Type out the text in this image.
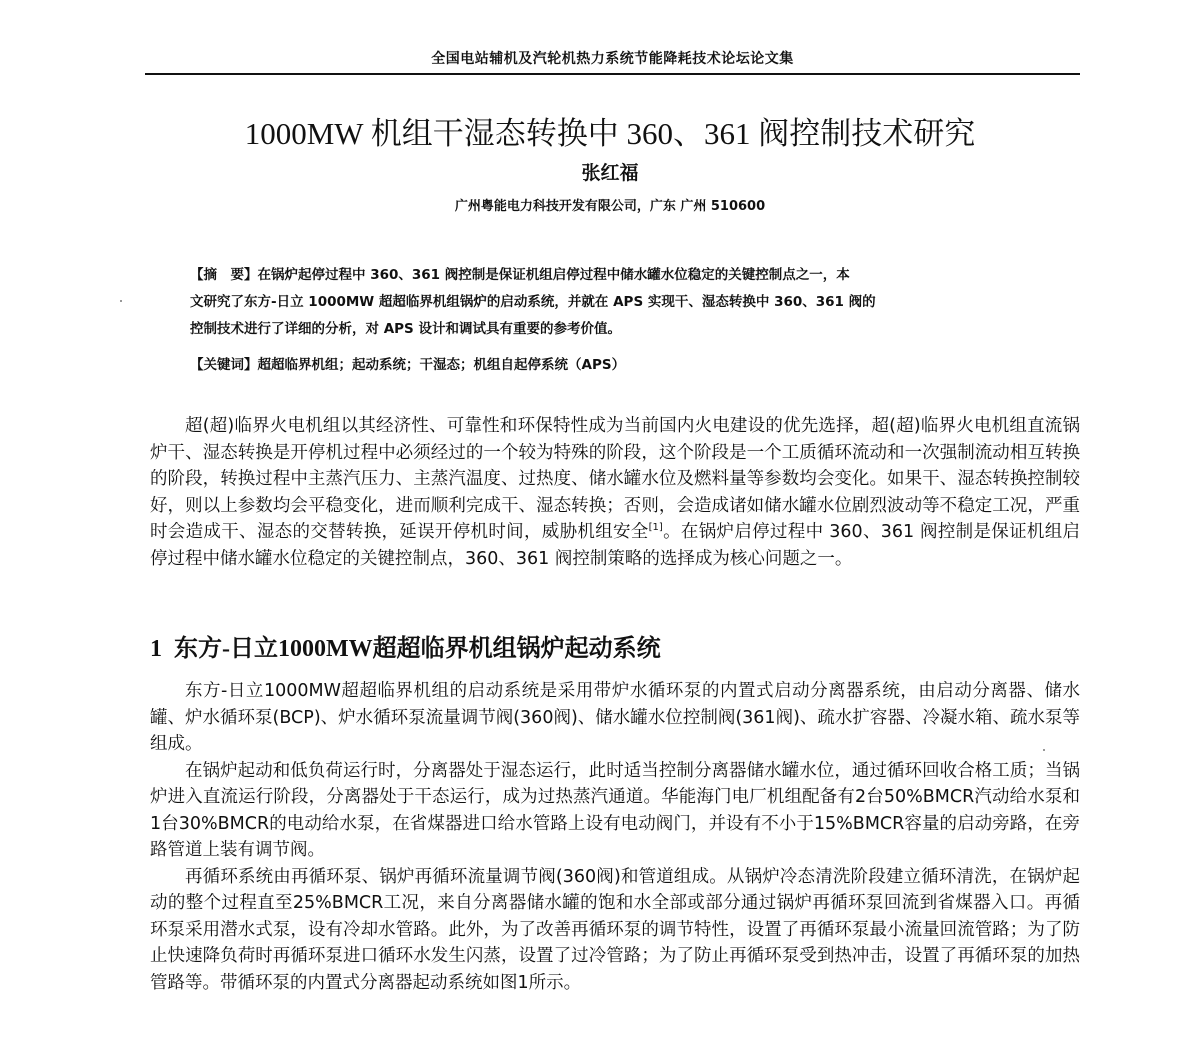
全国电站辅机及汽轮机热力系统节能降耗技术论坛论文集
1000MW 机组干湿态转换中 360、361 阀控制技术研究
张红福
广州粤能电力科技开发有限公司，广东 广州 510600

【摘　要】在锅炉起停过程中 360、361 阀控制是保证机组启停过程中储水罐水位稳定的关键控制点之一，本

文研究了东方-日立 1000MW 超超临界机组锅炉的启动系统，并就在 APS 实现干、湿态转换中 360、361 阀的

控制技术进行了详细的分析，对 APS 设计和调试具有重要的参考价值。

【关键词】超超临界机组；起动系统；干湿态；机组自起停系统（APS）

超(超)临界火电机组以其经济性、可靠性和环保特性成为当前国内火电建设的优先选择，超(超)临界火电机组直流锅炉干、湿态转换是开停机过程中必须经过的一个较为特殊的阶段，这个阶段是一个工质循环流动和一次强制流动相互转换的阶段，转换过程中主蒸汽压力、主蒸汽温度、过热度、储水罐水位及燃料量等参数均会变化。如果干、湿态转换控制较好，则以上参数均会平稳变化，进而顺利完成干、湿态转换；否则，会造成诸如储水罐水位剧烈波动等不稳定工况，严重时会造成干、湿态的交替转换，延误开停机时间，威胁机组安全[1]。在锅炉启停过程中 360、361 阀控制是保证机组启停过程中储水罐水位稳定的关键控制点，360、361 阀控制策略的选择成为核心问题之一。

1 东方-日立1000MW超超临界机组锅炉起动系统

东方-日立1000MW超超临界机组的启动系统是采用带炉水循环泵的内置式启动分离器系统，由启动分离器、储水罐、炉水循环泵(BCP)、炉水循环泵流量调节阀(360阀)、储水罐水位控制阀(361阀)、疏水扩容器、冷凝水箱、疏水泵等组成。

在锅炉起动和低负荷运行时，分离器处于湿态运行，此时适当控制分离器储水罐水位，通过循环回收合格工质；当锅炉进入直流运行阶段，分离器处于干态运行，成为过热蒸汽通道。华能海门电厂机组配备有2台50%BMCR汽动给水泵和1台30%BMCR的电动给水泵，在省煤器进口给水管路上设有电动阀门，并设有不小于15%BMCR容量的启动旁路，在旁路管道上装有调节阀。

再循环系统由再循环泵、锅炉再循环流量调节阀(360阀)和管道组成。从锅炉冷态清洗阶段建立循环清洗，在锅炉起动的整个过程直至25%BMCR工况，来自分离器储水罐的饱和水全部或部分通过锅炉再循环泵回流到省煤器入口。再循环泵采用潜水式泵，设有冷却水管路。此外，为了改善再循环泵的调节特性，设置了再循环泵最小流量回流管路；为了防止快速降负荷时再循环泵进口循环水发生闪蒸，设置了过冷管路；为了防止再循环泵受到热冲击，设置了再循环泵的加热管路等。带循环泵的内置式分离器起动系统如图1所示。
